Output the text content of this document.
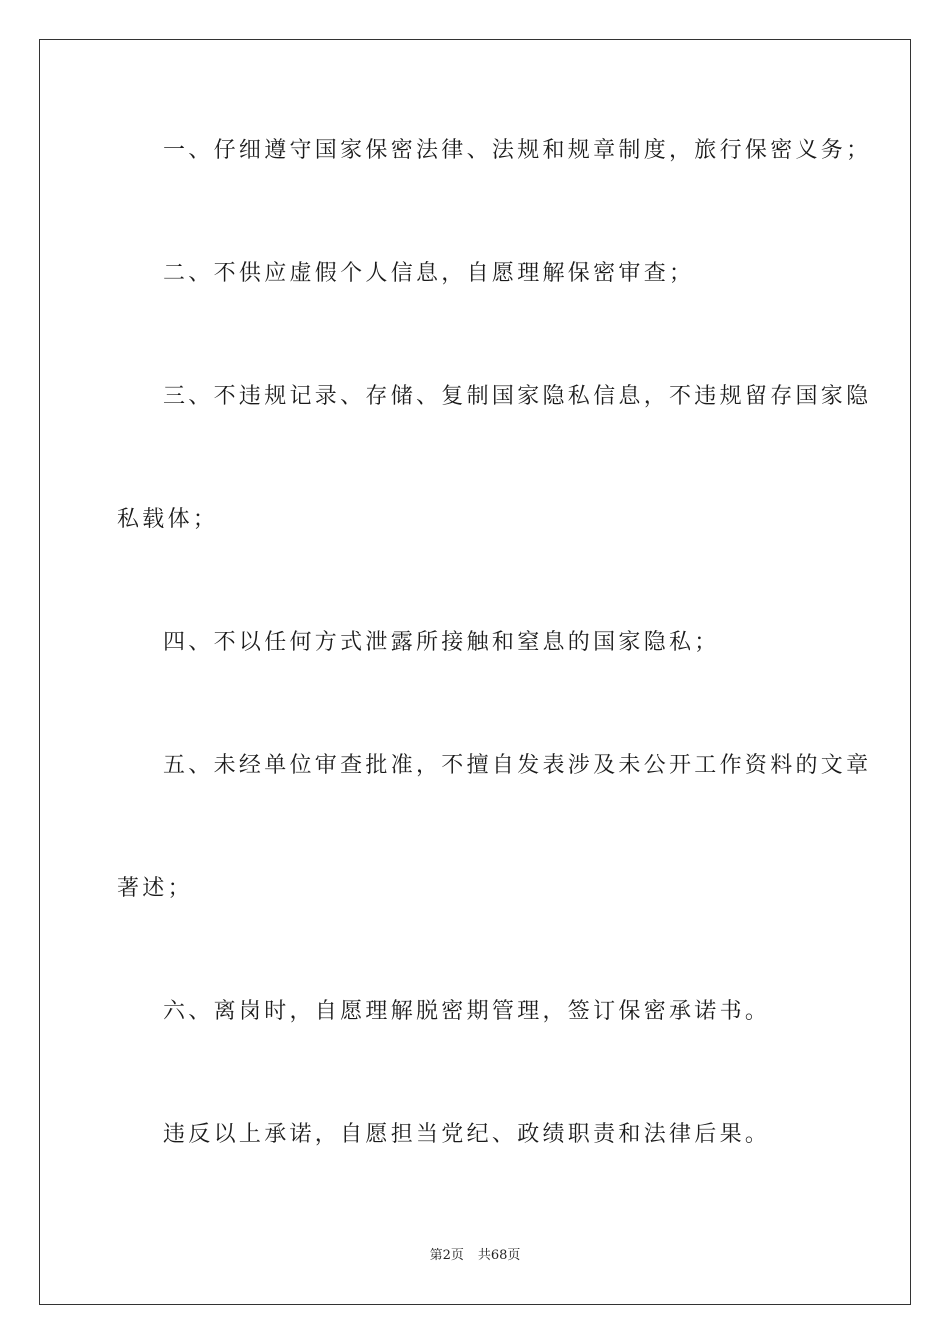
一、仔细遵守国家保密法律、法规和规章制度，旅行保密义务；

二、不供应虚假个人信息，自愿理解保密审查；

三、不违规记录、存储、复制国家隐私信息，不违规留存国家隐

私载体；

四、不以任何方式泄露所接触和窒息的国家隐私；

五、未经单位审查批准，不擅自发表涉及未公开工作资料的文章

著述；

六、离岗时，自愿理解脱密期管理，签订保密承诺书。

违反以上承诺，自愿担当党纪、政绩职责和法律后果。

第2页 共68页
